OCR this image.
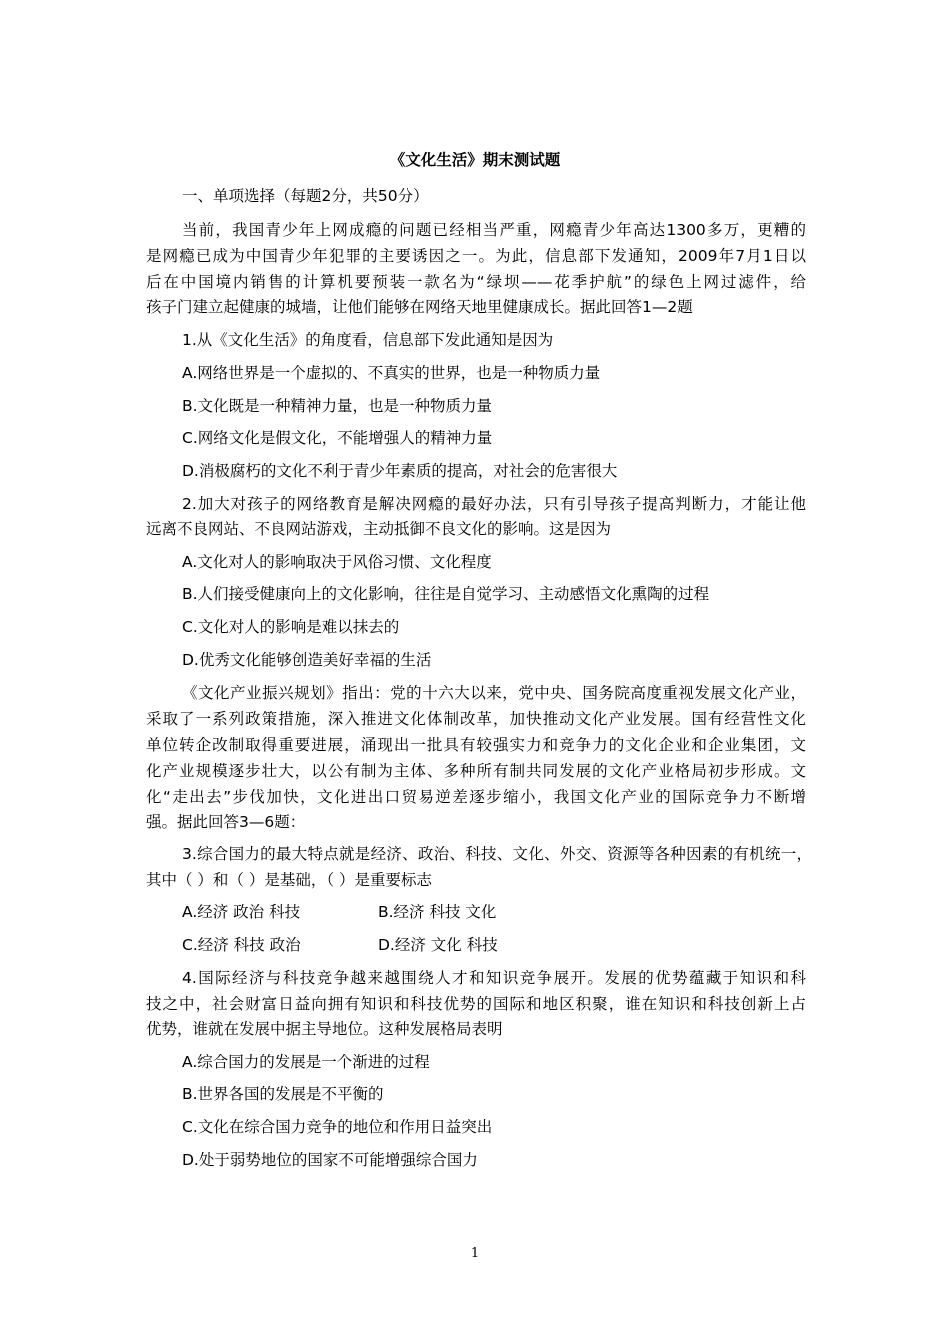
《文化生活》期末测试题
一、单项选择（每题2分，共50分）
当前，我国青少年上网成瘾的问题已经相当严重，网瘾青少年高达1300多万，更糟的
是网瘾已成为中国青少年犯罪的主要诱因之一。为此，信息部下发通知，2009年7月1日以
后在中国境内销售的计算机要预装一款名为“绿坝——花季护航”的绿色上网过滤件，给
孩子门建立起健康的城墙，让他们能够在网络天地里健康成长。据此回答1—2题
1.从《文化生活》的角度看，信息部下发此通知是因为
A.网络世界是一个虚拟的、不真实的世界，也是一种物质力量
B.文化既是一种精神力量，也是一种物质力量
C.网络文化是假文化，不能增强人的精神力量
D.消极腐朽的文化不利于青少年素质的提高，对社会的危害很大
2.加大对孩子的网络教育是解决网瘾的最好办法，只有引导孩子提高判断力，才能让他
远离不良网站、不良网站游戏，主动抵御不良文化的影响。这是因为
A.文化对人的影响取决于风俗习惯、文化程度
B.人们接受健康向上的文化影响，往往是自觉学习、主动感悟文化熏陶的过程
C.文化对人的影响是难以抹去的
D.优秀文化能够创造美好幸福的生活
《文化产业振兴规划》指出：党的十六大以来，党中央、国务院高度重视发展文化产业，
采取了一系列政策措施，深入推进文化体制改革，加快推动文化产业发展。国有经营性文化
单位转企改制取得重要进展，涌现出一批具有较强实力和竞争力的文化企业和企业集团，文
化产业规模逐步壮大，以公有制为主体、多种所有制共同发展的文化产业格局初步形成。文
化“走出去”步伐加快，文化进出口贸易逆差逐步缩小，我国文化产业的国际竞争力不断增
强。据此回答3—6题：
3.综合国力的最大特点就是经济、政治、科技、文化、外交、资源等各种因素的有机统一，
其中（ ）和（ ）是基础，（ ）是重要标志
A.经济 政治 科技	B.经济 科技 文化
C.经济 科技 政治	D.经济 文化 科技
4.国际经济与科技竞争越来越围绕人才和知识竞争展开。发展的优势蕴藏于知识和科
技之中，社会财富日益向拥有知识和科技优势的国际和地区积聚，谁在知识和科技创新上占
优势，谁就在发展中据主导地位。这种发展格局表明
A.综合国力的发展是一个渐进的过程
B.世界各国的发展是不平衡的
C.文化在综合国力竞争的地位和作用日益突出
D.处于弱势地位的国家不可能增强综合国力
1
